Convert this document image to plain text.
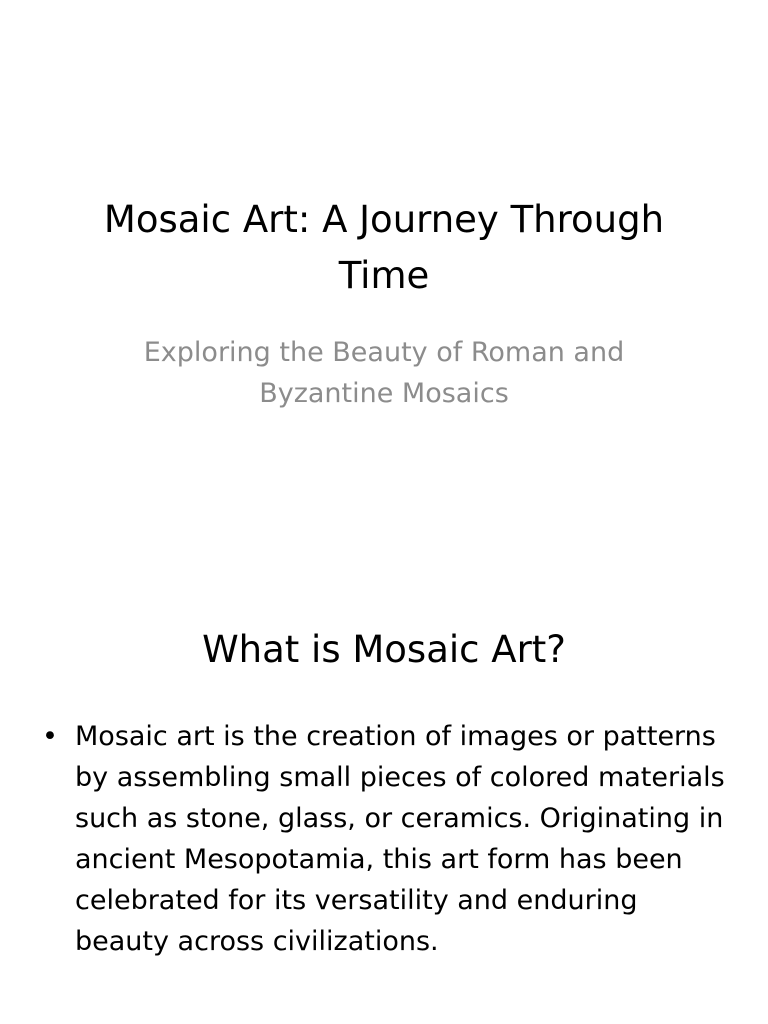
Mosaic Art: A Journey Through Time

Exploring the Beauty of Roman and Byzantine Mosaics

What is Mosaic Art?
• Mosaic art is the creation of images or patterns by assembling small pieces of colored materials such as stone, glass, or ceramics. Originating in ancient Mesopotamia, this art form has been celebrated for its versatility and enduring beauty across civilizations.
